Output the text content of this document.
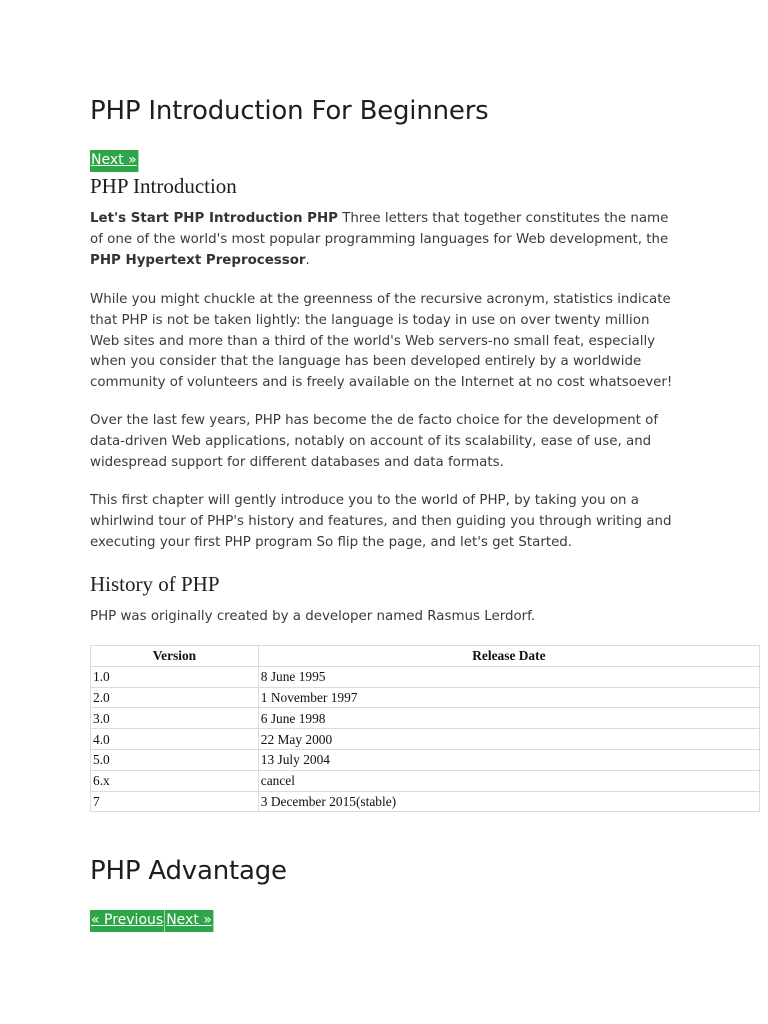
PHP Introduction For Beginners
Next »
PHP Introduction

Let's Start PHP Introduction PHP Three letters that together constitutes the name of one of the world's most popular programming languages for Web development, the PHP Hypertext Preprocessor.

While you might chuckle at the greenness of the recursive acronym, statistics indicate that PHP is not be taken lightly: the language is today in use on over twenty million Web sites and more than a third of the world's Web servers-no small feat, especially when you consider that the language has been developed entirely by a worldwide community of volunteers and is freely available on the Internet at no cost whatsoever!

Over the last few years, PHP has become the de facto choice for the development of data-driven Web applications, notably on account of its scalability, ease of use, and widespread support for different databases and data formats.

This first chapter will gently introduce you to the world of PHP, by taking you on a whirlwind tour of PHP's history and features, and then guiding you through writing and executing your first PHP program So flip the page, and let's get Started.

History of PHP

PHP was originally created by a developer named Rasmus Lerdorf.

Version	Release Date
1.0	8 June 1995
2.0	1 November 1997
3.0	6 June 1998
4.0	22 May 2000
5.0	13 July 2004
6.x	cancel
7	3 December 2015(stable)
PHP Advantage
« Previous Next »
